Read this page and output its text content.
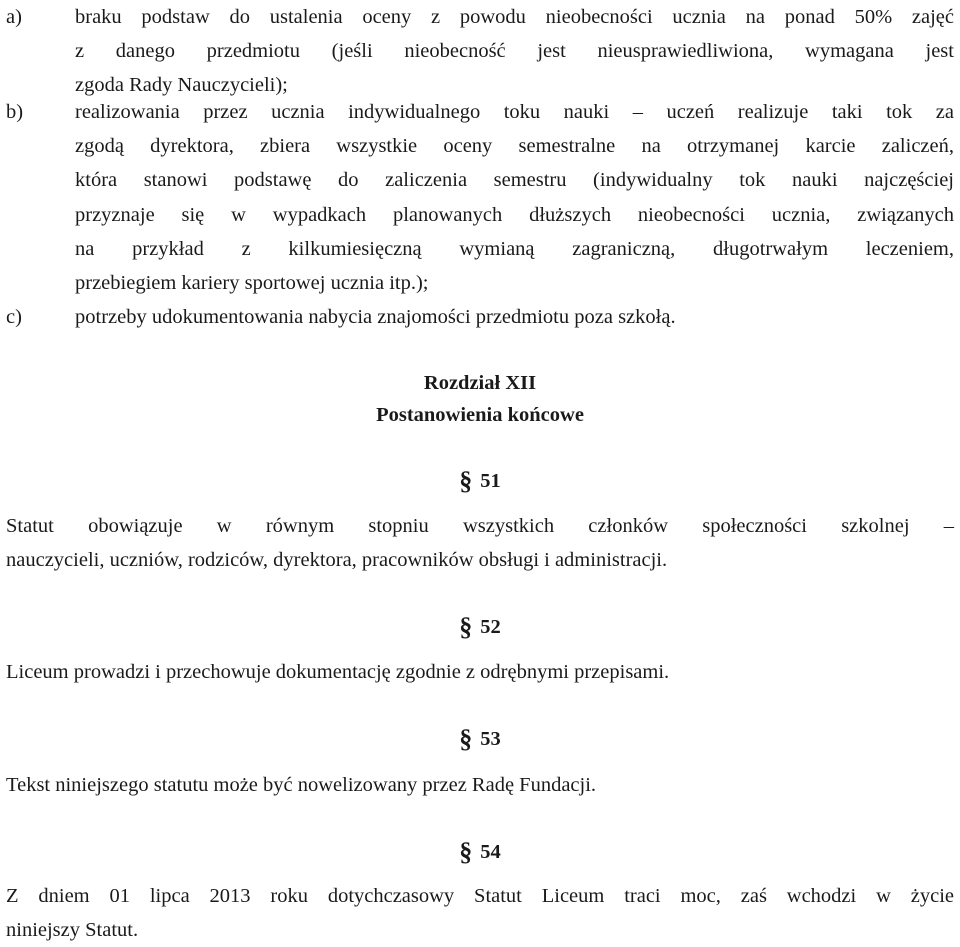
a)	braku podstaw do ustalenia oceny z powodu nieobecności ucznia na ponad 50% zajęć
z danego przedmiotu (jeśli nieobecność jest nieusprawiedliwiona, wymagana jest
zgoda Rady Nauczycieli);
b)	realizowania przez ucznia indywidualnego toku nauki – uczeń realizuje taki tok za
zgodą dyrektora, zbiera wszystkie oceny semestralne na otrzymanej karcie zaliczeń,
która stanowi podstawę do zaliczenia semestru (indywidualny tok nauki najczęściej
przyznaje się w wypadkach planowanych dłuższych nieobecności ucznia, związanych
na przykład z kilkumiesięczną wymianą zagraniczną, długotrwałym leczeniem,
przebiegiem kariery sportowej ucznia itp.);
c)	potrzeby udokumentowania nabycia znajomości przedmiotu poza szkołą.
Rozdział XII
Postanowienia końcowe
§ 51
Statut obowiązuje w równym stopniu wszystkich członków społeczności szkolnej –
nauczycieli, uczniów, rodziców, dyrektora, pracowników obsługi i administracji.
§ 52
Liceum prowadzi i przechowuje dokumentację zgodnie z odrębnymi przepisami.
§ 53
Tekst niniejszego statutu może być nowelizowany przez Radę Fundacji.
§ 54
Z dniem 01 lipca 2013 roku dotychczasowy Statut Liceum traci moc, zaś wchodzi w życie
niniejszy Statut.
